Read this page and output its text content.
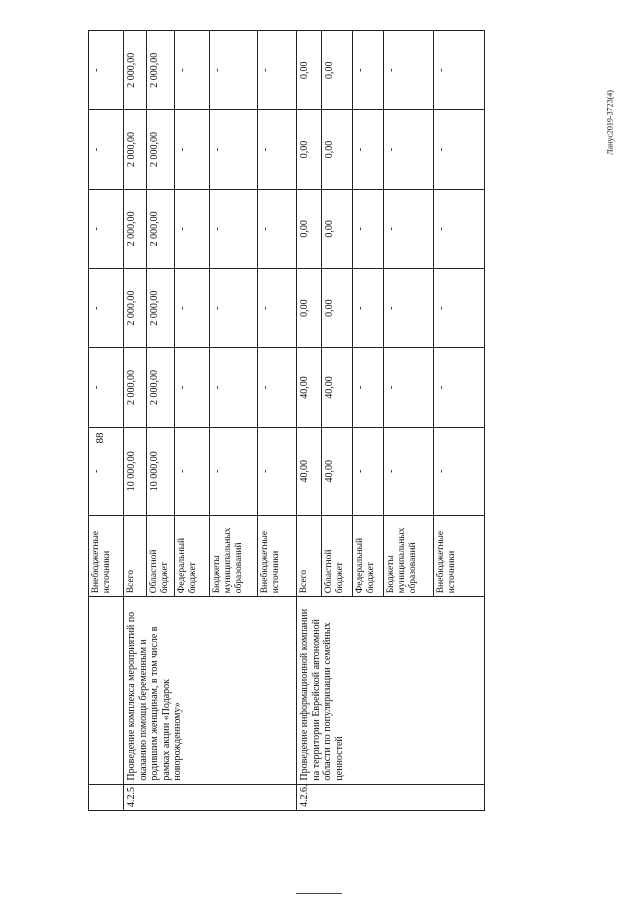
88
Ланус2019-3723(4)
		Внебюджетные источники	-	-	-	-	-	-
4.2.5	Проведение комплекса мероприятий по оказанию помощи беременным и родившим женщинам, в том числе в рамках акции «Подарок новорожденному»	Всего	10 000,00	2 000,00	2 000,00	2 000,00	2 000,00	2 000,00
		Областной бюджет	10 000,00	2 000,00	2 000,00	2 000,00	2 000,00	2 000,00
		Федеральный бюджет	-	-	-	-	-	-
		Бюджеты муниципальных образований	-	-	-	-	-	-
		Внебюджетные источники	-	-	-	-	-	-
4.2.6.	Проведение информационной компании на территории Еврейской автономной области по популяризации семейных ценностей	Всего	40,00	40,00	0,00	0,00	0,00	0,00
		Областной бюджет	40,00	40,00	0,00	0,00	0,00	0,00
		Федеральный бюджет	-	-	-	-	-	-
		Бюджеты муниципальных образований	-	-	-	-	-	-
		Внебюджетные источники	-	-	-	-	-	-
